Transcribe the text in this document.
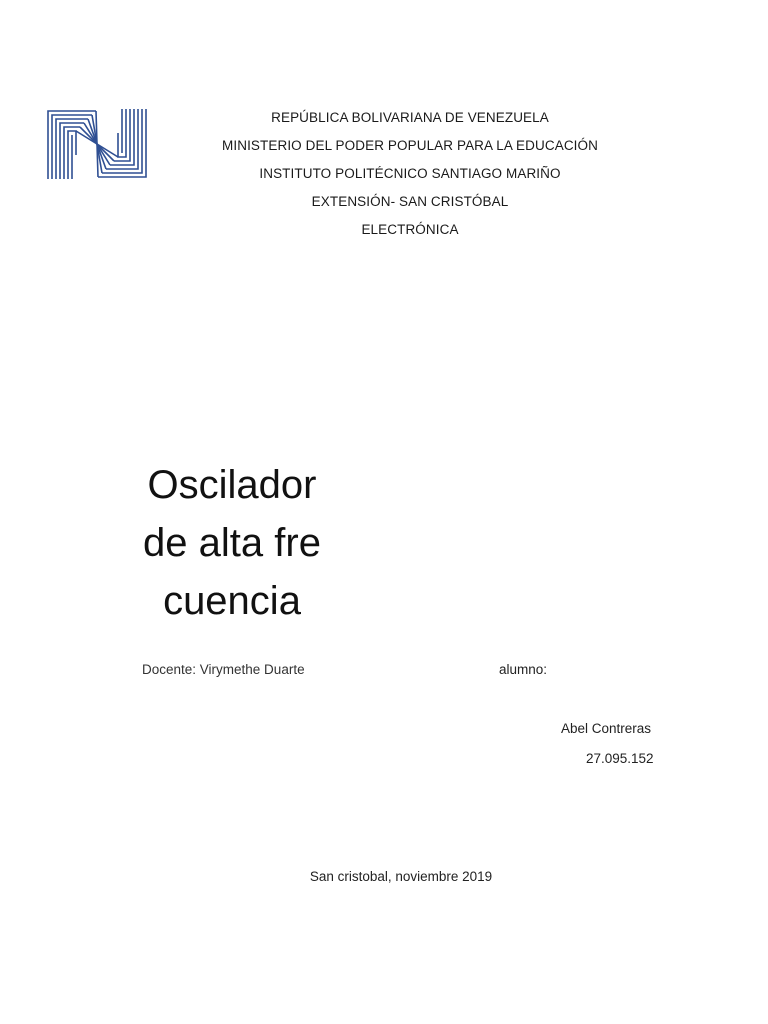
REPÚBLICA BOLIVARIANA DE VENEZUELA
MINISTERIO DEL PODER POPULAR PARA LA EDUCACIÓN
INSTITUTO POLITÉCNICO SANTIAGO MARIÑO
EXTENSIÓN- SAN CRISTÓBAL
ELECTRÓNICA
Oscilador de alta frecuencia
Docente: Virymethe Duarte	alumno:
Abel Contreras
27.095.152
San cristobal, noviembre 2019
